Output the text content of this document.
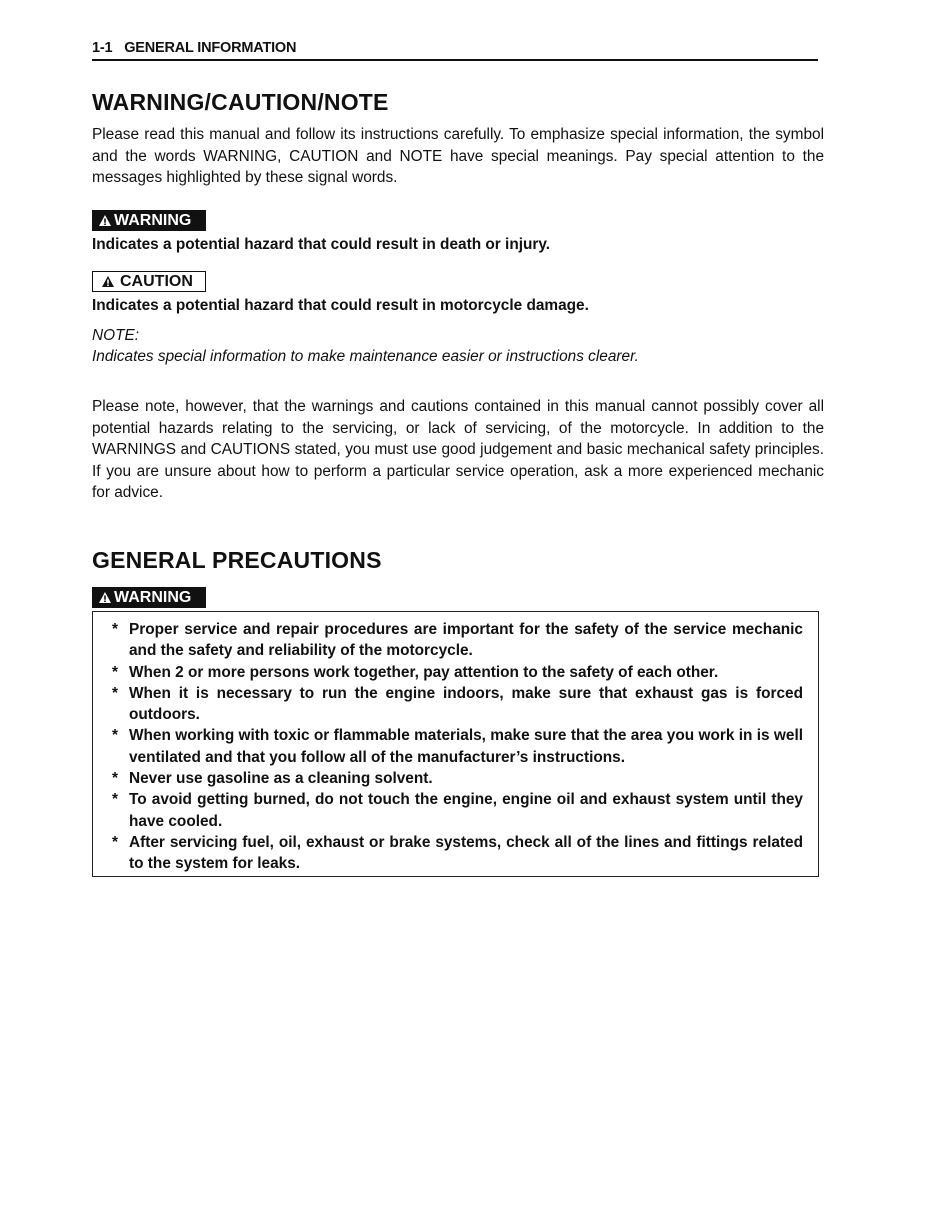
1-1 GENERAL INFORMATION
WARNING/CAUTION/NOTE

Please read this manual and follow its instructions carefully. To emphasize special information, the symbol and the words WARNING, CAUTION and NOTE have special meanings. Pay special attention to the messages highlighted by these signal words.

WARNING

Indicates a potential hazard that could result in death or injury.

CAUTION

Indicates a potential hazard that could result in motorcycle damage.

NOTE:

Indicates special information to make maintenance easier or instructions clearer.

Please note, however, that the warnings and cautions contained in this manual cannot possibly cover all potential hazards relating to the servicing, or lack of servicing, of the motorcycle. In addition to the WARNINGS and CAUTIONS stated, you must use good judgement and basic mechanical safety principles. If you are unsure about how to perform a particular service operation, ask a more experienced mechanic for advice.

GENERAL PRECAUTIONS
WARNING
* Proper service and repair procedures are important for the safety of the service mechanic and the safety and reliability of the motorcycle.
* When 2 or more persons work together, pay attention to the safety of each other.
* When it is necessary to run the engine indoors, make sure that exhaust gas is forced outdoors.
* When working with toxic or flammable materials, make sure that the area you work in is well ventilated and that you follow all of the manufacturer’s instructions.
* Never use gasoline as a cleaning solvent.
* To avoid getting burned, do not touch the engine, engine oil and exhaust system until they have cooled.
* After servicing fuel, oil, exhaust or brake systems, check all of the lines and fittings related to the system for leaks.
